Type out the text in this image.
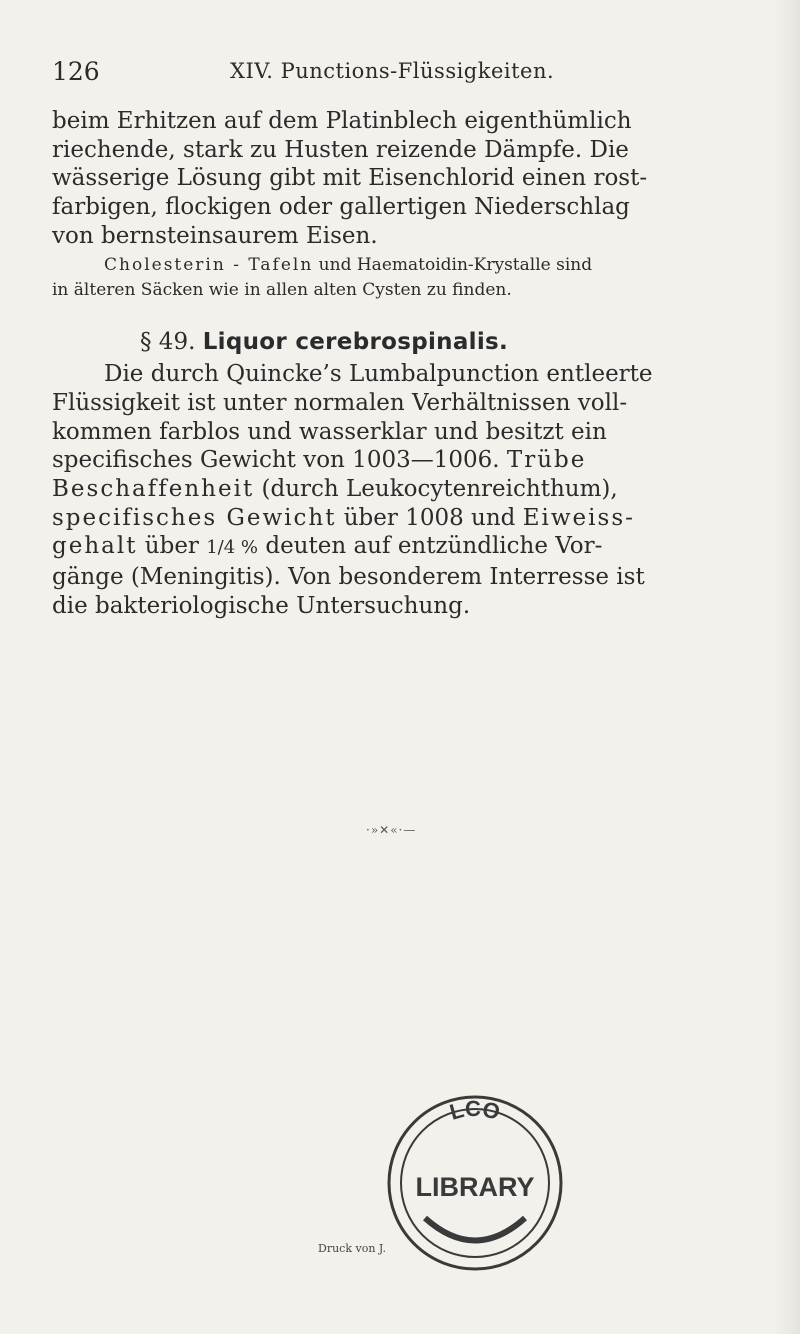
126	XIV. Punctions-Flüssigkeiten.

beim Erhitzen auf dem Platinblech eigenthümlich

riechende, stark zu Husten reizende Dämpfe. Die

wässerige Lösung gibt mit Eisenchlorid einen rost-

farbigen, flockigen oder gallertigen Niederschlag

von bernsteinsaurem Eisen.

Cholesterin - Tafeln und Haematoidin-Krystalle sind

in älteren Säcken wie in allen alten Cysten zu finden.

§ 49. Liquor cerebrospinalis.

Die durch Quincke’s Lumbalpunction entleerte

Flüssigkeit ist unter normalen Verhältnissen voll-

kommen farblos und wasserklar und besitzt ein

specifisches Gewicht von 1003—1006. Trübe

Beschaffenheit (durch Leukocytenreichthum),

specifisches Gewicht über 1008 und Eiweiss-

gehalt über 1/4 % deuten auf entzündliche Vor-

gänge (Meningitis). Von besonderem Interresse ist

die bakteriologische Untersuchung.

·»✕«·—
LCO
LIBRARY
Druck von J.
